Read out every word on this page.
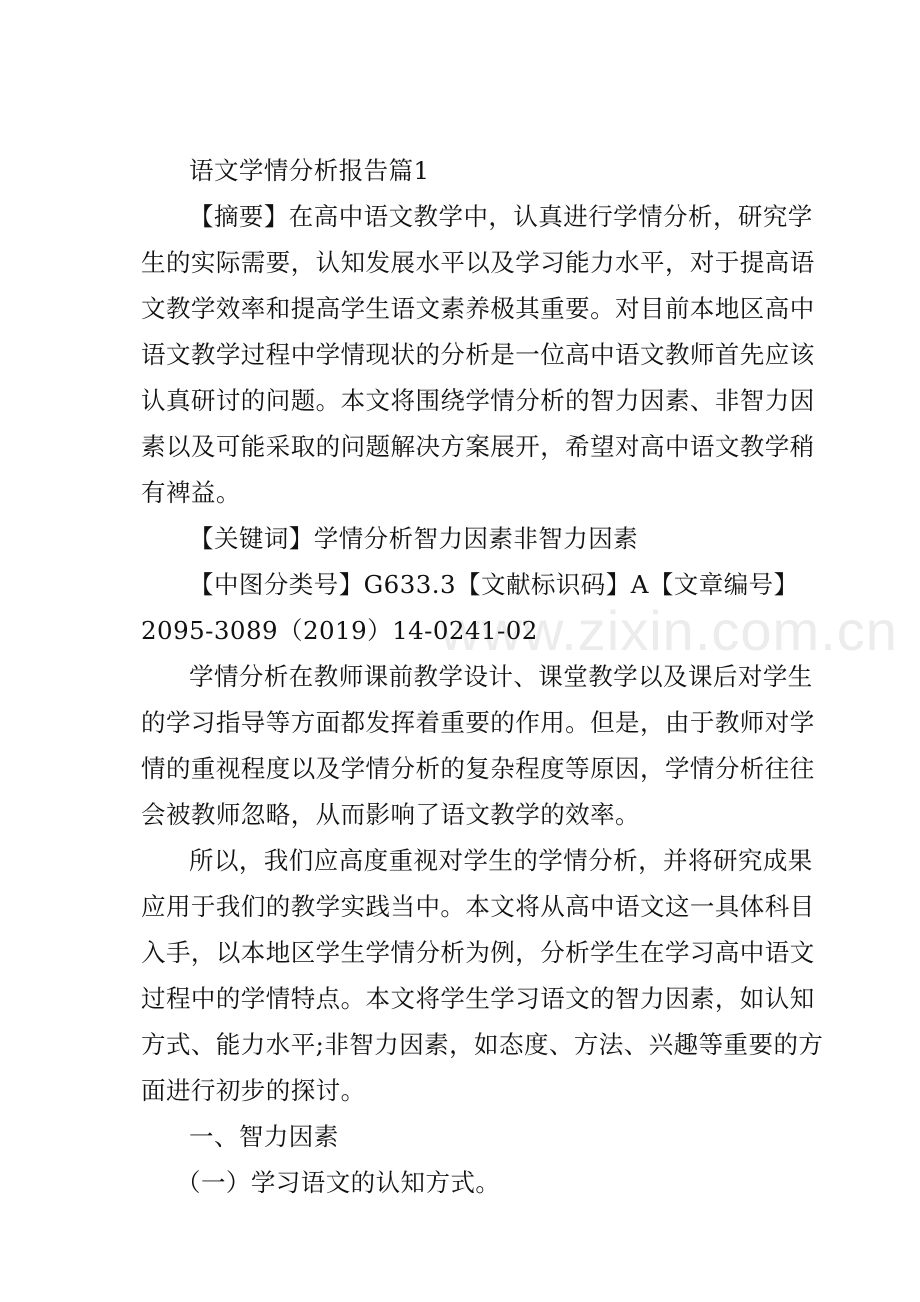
www.zixin.com.cn
语文学情分析报告篇1
【摘要】在高中语文教学中，认真进行学情分析，研究学
生的实际需要，认知发展水平以及学习能力水平，对于提高语
文教学效率和提高学生语文素养极其重要。对目前本地区高中
语文教学过程中学情现状的分析是一位高中语文教师首先应该
认真研讨的问题。本文将围绕学情分析的智力因素、非智力因
素以及可能采取的问题解决方案展开，希望对高中语文教学稍
有裨益。
【关键词】学情分析智力因素非智力因素
【中图分类号】G633.3【文献标识码】A【文章编号】
2095-3089（2019）14-0241-02
学情分析在教师课前教学设计、课堂教学以及课后对学生
的学习指导等方面都发挥着重要的作用。但是，由于教师对学
情的重视程度以及学情分析的复杂程度等原因，学情分析往往
会被教师忽略，从而影响了语文教学的效率。
所以，我们应高度重视对学生的学情分析，并将研究成果
应用于我们的教学实践当中。本文将从高中语文这一具体科目
入手，以本地区学生学情分析为例，分析学生在学习高中语文
过程中的学情特点。本文将学生学习语文的智力因素，如认知
方式、能力水平;非智力因素，如态度、方法、兴趣等重要的方
面进行初步的探讨。
一、智力因素
（一）学习语文的认知方式。
